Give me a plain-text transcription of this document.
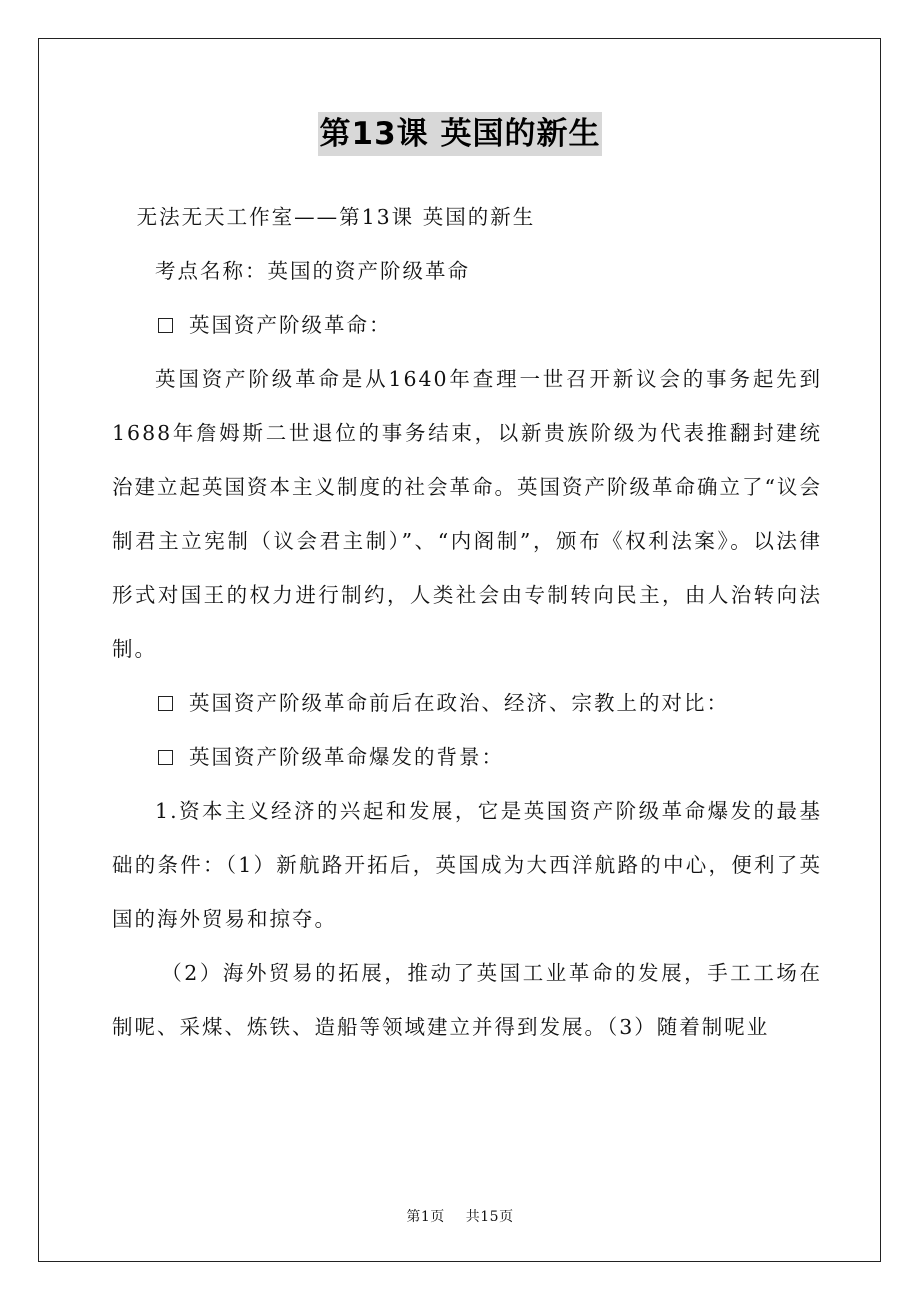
第13课 英国的新生

无法无天工作室——第13课 英国的新生

考点名称：英国的资产阶级革命

英国资产阶级革命：

英国资产阶级革命是从1640年查理一世召开新议会的事务起先到1688年詹姆斯二世退位的事务结束，以新贵族阶级为代表推翻封建统治建立起英国资本主义制度的社会革命。英国资产阶级革命确立了“议会制君主立宪制（议会君主制）”、“内阁制”，颁布《权利法案》。以法律形式对国王的权力进行制约，人类社会由专制转向民主，由人治转向法制。

英国资产阶级革命前后在政治、经济、宗教上的对比：

英国资产阶级革命爆发的背景：

1.资本主义经济的兴起和发展，它是英国资产阶级革命爆发的最基础的条件：（1）新航路开拓后，英国成为大西洋航路的中心，便利了英国的海外贸易和掠夺。

（2）海外贸易的拓展，推动了英国工业革命的发展，手工工场在制呢、采煤、炼铁、造船等领域建立并得到发展。（3）随着制呢业

第1页 共15页
